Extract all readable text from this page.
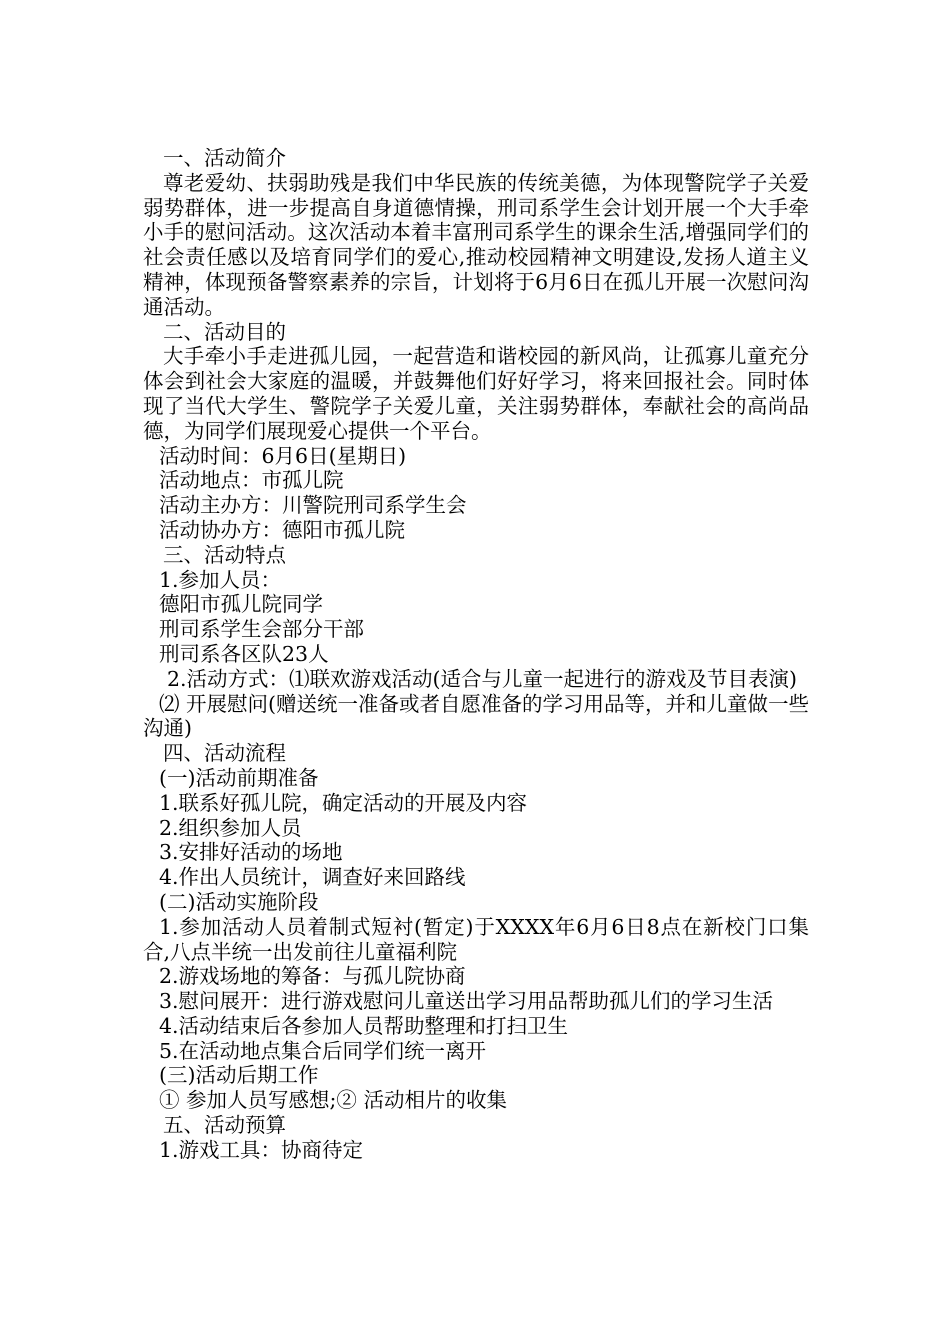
一、活动简介

尊老爱幼、扶弱助残是我们中华民族的传统美德，为体现警院学子关爱弱势群体，进一步提高自身道德情操，刑司系学生会计划开展一个大手牵小手的慰问活动。这次活动本着丰富刑司系学生的课余生活,增强同学们的社会责任感以及培育同学们的爱心,推动校园精神文明建设,发扬人道主义精神，体现预备警察素养的宗旨，计划将于6月6日在孤儿开展一次慰问沟通活动。

二、活动目的

大手牵小手走进孤儿园，一起营造和谐校园的新风尚，让孤寡儿童充分体会到社会大家庭的温暖，并鼓舞他们好好学习，将来回报社会。同时体现了当代大学生、警院学子关爱儿童，关注弱势群体，奉献社会的高尚品德，为同学们展现爱心提供一个平台。

活动时间：6月6日(星期日)

活动地点：市孤儿院

活动主办方：川警院刑司系学生会

活动协办方：德阳市孤儿院

三、活动特点

1.参加人员：

德阳市孤儿院同学

刑司系学生会部分干部

刑司系各区队23人

2.活动方式：⑴联欢游戏活动(适合与儿童一起进行的游戏及节目表演)

⑵ 开展慰问(赠送统一准备或者自愿准备的学习用品等，并和儿童做一些沟通)

四、活动流程

(一)活动前期准备

1.联系好孤儿院，确定活动的开展及内容

2.组织参加人员

3.安排好活动的场地

4.作出人员统计，调查好来回路线

(二)活动实施阶段

1.参加活动人员着制式短衬(暂定)于XXXX年6月6日8点在新校门口集合,八点半统一出发前往儿童福利院

2.游戏场地的筹备：与孤儿院协商

3.慰问展开：进行游戏慰问儿童送出学习用品帮助孤儿们的学习生活

4.活动结束后各参加人员帮助整理和打扫卫生

5.在活动地点集合后同学们统一离开

(三)活动后期工作

① 参加人员写感想;② 活动相片的收集

五、活动预算

1.游戏工具：协商待定
